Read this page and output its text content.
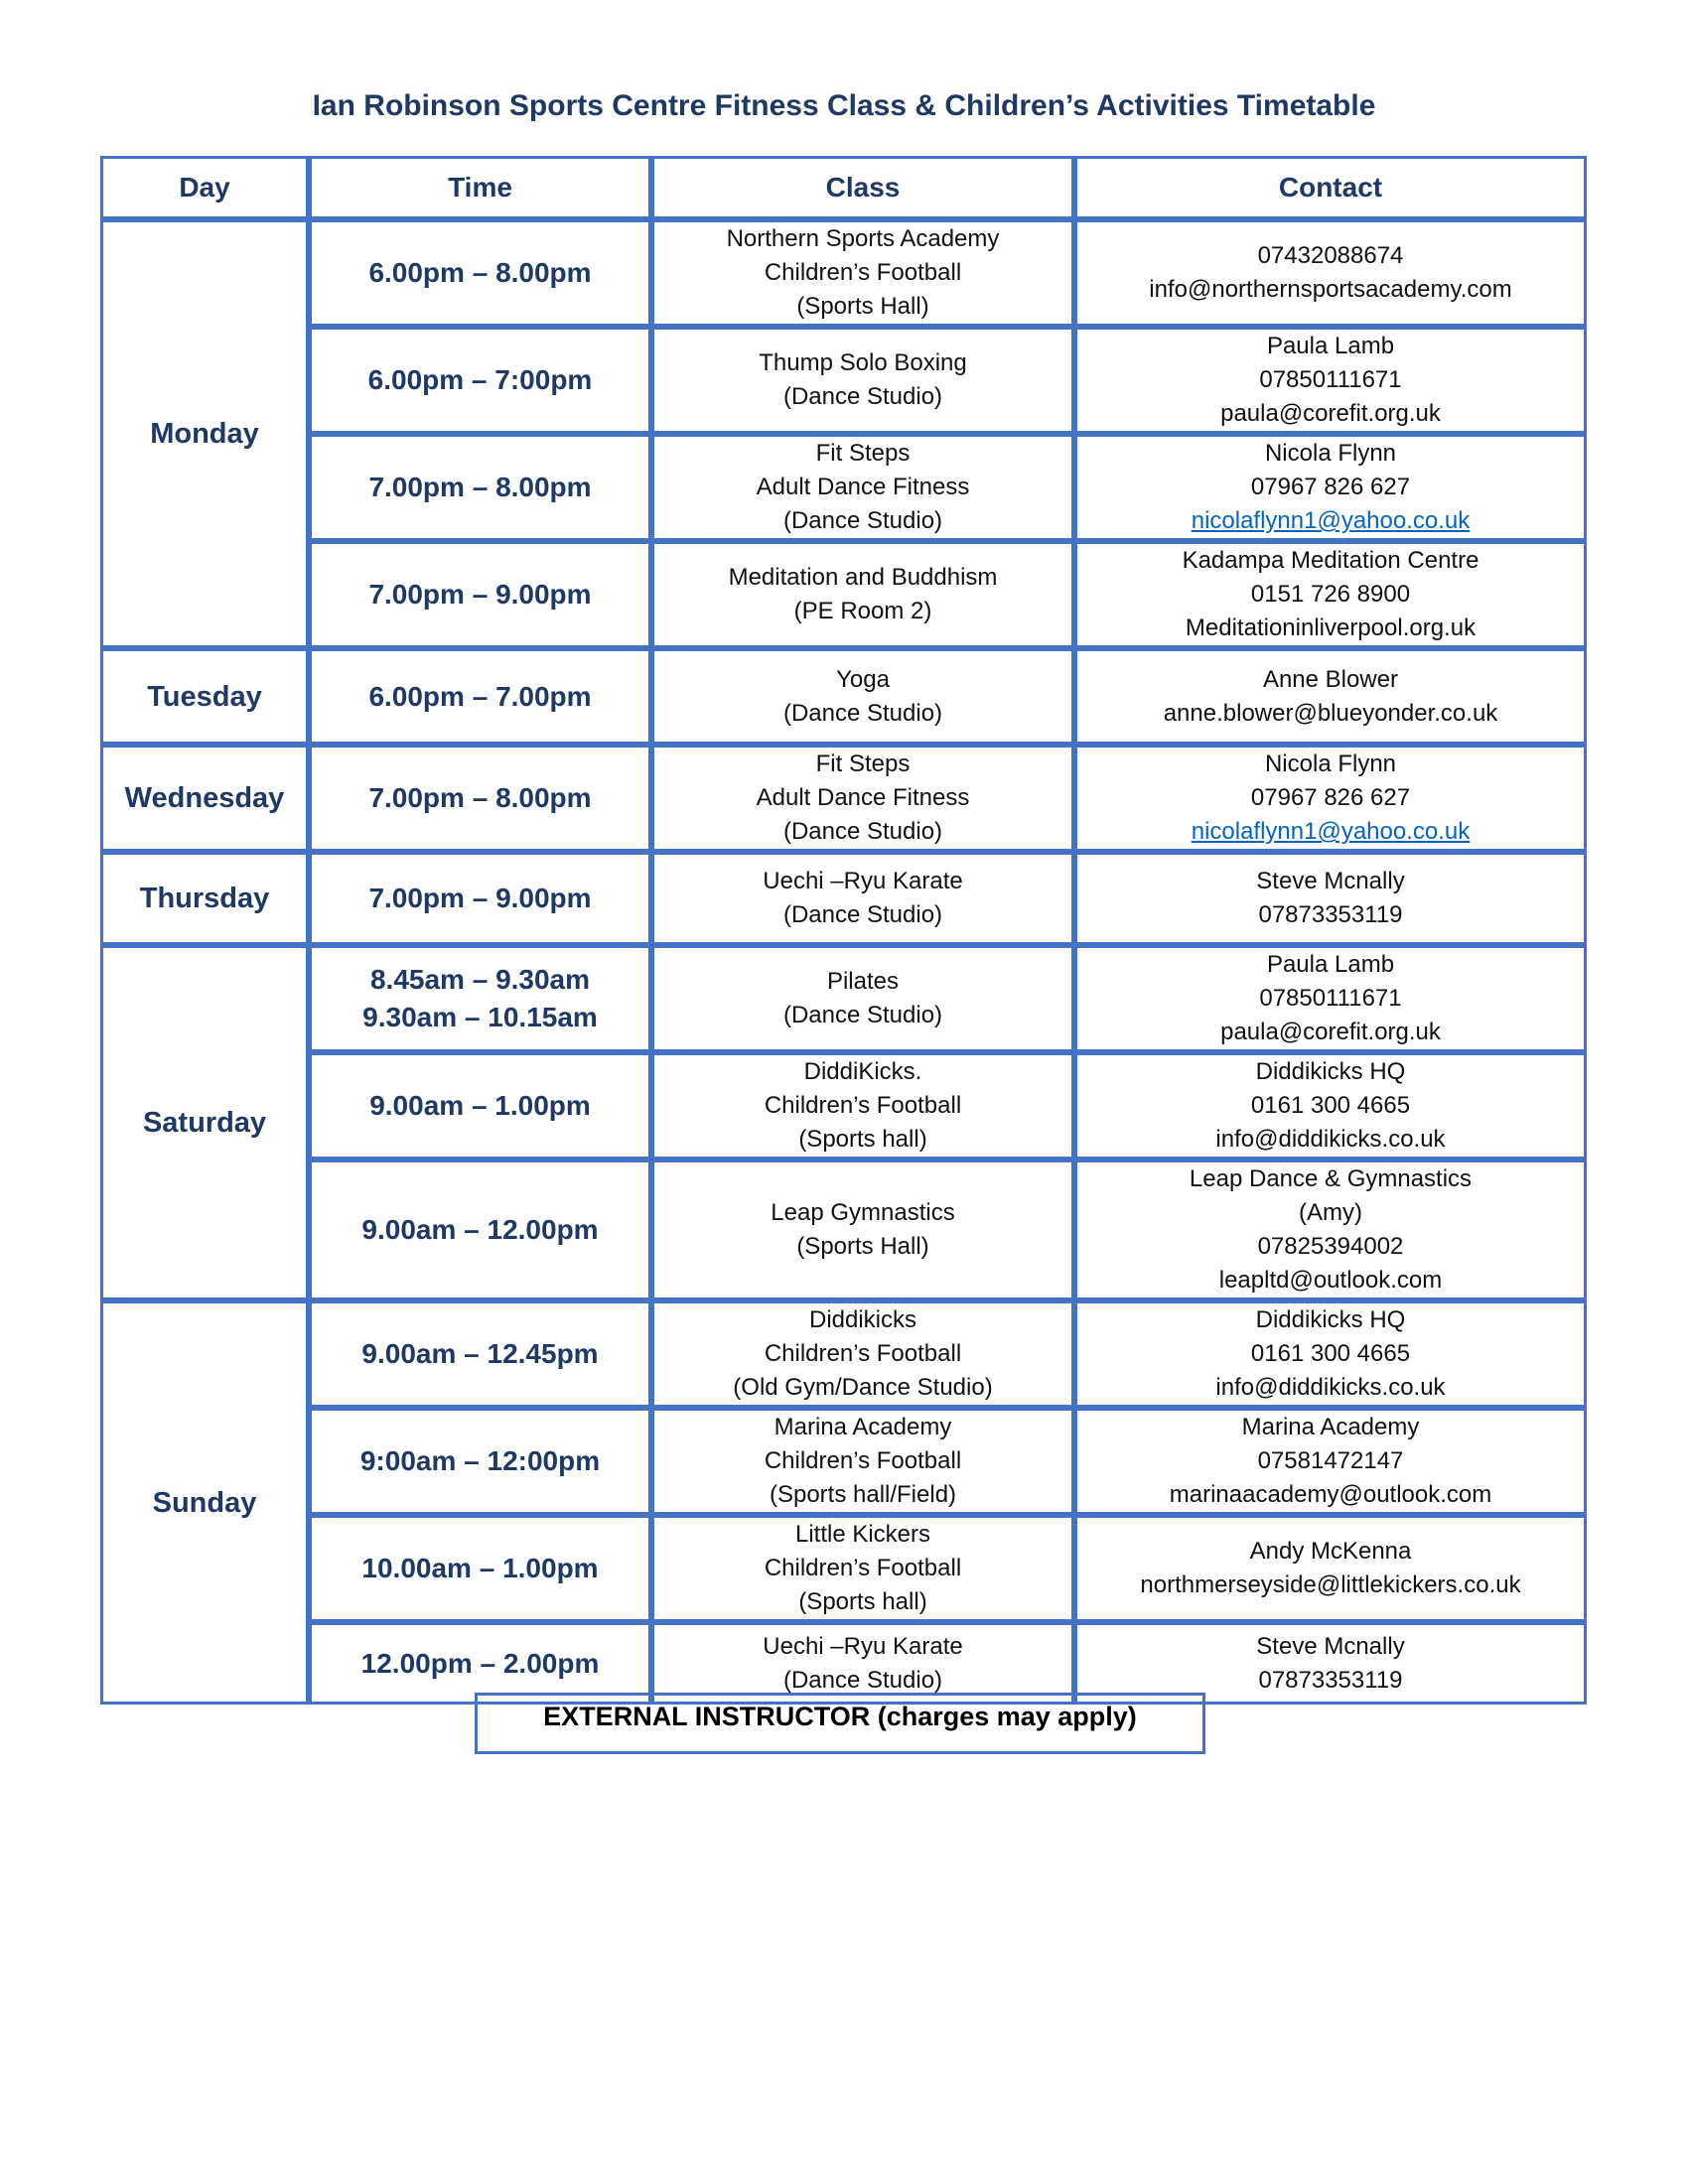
Ian Robinson Sports Centre Fitness Class & Children’s Activities Timetable
Day	Time	Class	Contact
Monday	6.00pm – 8.00pm	Northern Sports Academy
Children’s Football
(Sports Hall)	07432088674
info@northernsportsacademy.com

	6.00pm – 7:00pm	Thump Solo Boxing
(Dance Studio)	Paula Lamb
07850111671
paula@corefit.org.uk

	7.00pm – 8.00pm	Fit Steps
Adult Dance Fitness
(Dance Studio)	Nicola Flynn
07967 826 627
nicolaflynn1@yahoo.co.uk

	7.00pm – 9.00pm	Meditation and Buddhism
(PE Room 2)	Kadampa Meditation Centre
0151 726 8900
Meditationinliverpool.org.uk

Tuesday	6.00pm – 7.00pm	Yoga
(Dance Studio)	Anne Blower
anne.blower@blueyonder.co.uk

Wednesday	7.00pm – 8.00pm	Fit Steps
Adult Dance Fitness
(Dance Studio)	Nicola Flynn
07967 826 627
nicolaflynn1@yahoo.co.uk

Thursday	7.00pm – 9.00pm	Uechi –Ryu Karate
(Dance Studio)	Steve Mcnally
07873353119

Saturday	8.45am – 9.30am
9.30am – 10.15am	Pilates
(Dance Studio)	Paula Lamb
07850111671
paula@corefit.org.uk

	9.00am – 1.00pm	DiddiKicks.
Children’s Football
(Sports hall)	Diddikicks HQ
0161 300 4665
info@diddikicks.co.uk

	9.00am – 12.00pm	Leap Gymnastics
(Sports Hall)	Leap Dance & Gymnastics
(Amy)
07825394002
leapltd@outlook.com

Sunday	9.00am – 12.45pm	Diddikicks
Children’s Football
(Old Gym/Dance Studio)	Diddikicks HQ
0161 300 4665
info@diddikicks.co.uk

	9:00am – 12:00pm	Marina Academy
Children’s Football
(Sports hall/Field)	Marina Academy
07581472147
marinaacademy@outlook.com

	10.00am – 1.00pm	Little Kickers
Children’s Football
(Sports hall)	Andy McKenna
northmerseyside@littlekickers.co.uk

	12.00pm – 2.00pm	Uechi –Ryu Karate
(Dance Studio)	Steve Mcnally
07873353119
EXTERNAL INSTRUCTOR (charges may apply)
